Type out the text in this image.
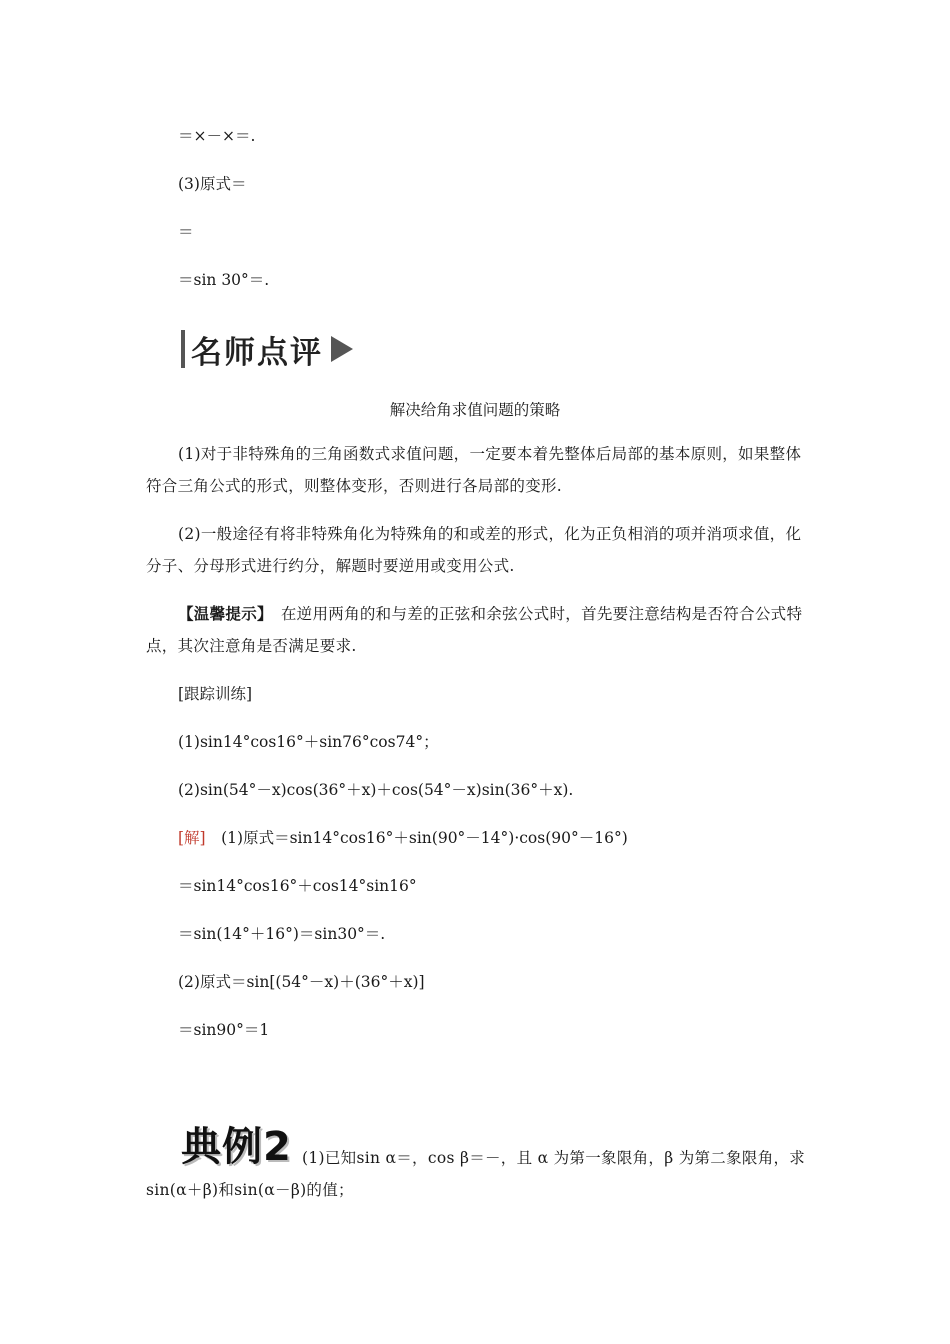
＝×－×＝.
(3)原式＝
＝
＝sin 30°＝.
名师点评
解决给角求值问题的策略
(1)对于非特殊角的三角函数式求值问题，一定要本着先整体后局部的基本原则，如果整体符合三角公式的形式，则整体变形，否则进行各局部的变形.
(2)一般途径有将非特殊角化为特殊角的和或差的形式，化为正负相消的项并消项求值，化分子、分母形式进行约分，解题时要逆用或变用公式.
【温馨提示】　 在逆用两角的和与差的正弦和余弦公式时，首先要注意结构是否符合公式特点，其次注意角是否满足要求.
[跟踪训练]
(1)sin14°cos16°＋sin76°cos74°；
(2)sin(54°－x)cos(36°＋x)＋cos(54°－x)sin(36°＋x).
[解]　 (1)原式＝sin14°cos16°＋sin(90°－14°)·cos(90°－16°)
＝sin14°cos16°＋cos14°sin16°
＝sin(14°＋16°)＝sin30°＝.
(2)原式＝sin[(54°－x)＋(36°＋x)]
＝sin90°＝1
典例2 (1)已知sin α＝，cos β＝－，且 α 为第一象限角，β 为第二象限角，求sin(α＋β)和sin(α－β)的值；
